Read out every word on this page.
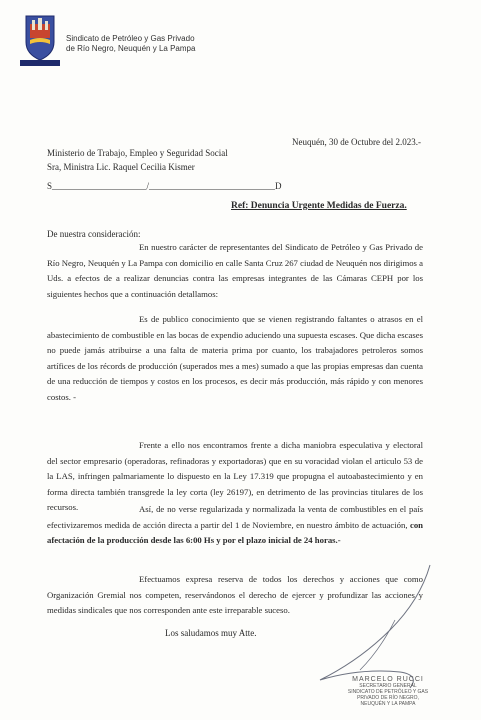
Sindicato de Petróleo y Gas Privado
de Río Negro, Neuquén y La Pampa
Neuquén, 30 de Octubre del 2.023.-
Ministerio de Trabajo, Empleo y Seguridad Social
Sra, Ministra Lic. Raquel Cecilia Kismer
S_____________________/____________________________D
Ref: Denuncia Urgente Medidas de Fuerza.
De nuestra consideración:

En nuestro carácter de representantes del Sindicato de Petróleo y Gas Privado de Río Negro, Neuquén y La Pampa con domicilio en calle Santa Cruz 267 ciudad de Neuquén nos dirigimos a Uds. a efectos de a realizar denuncias contra las empresas integrantes de las Cámaras CEPH por los siguientes hechos que a continuación detallamos:

Es de publico conocimiento que se vienen registrando faltantes o atrasos en el abastecimiento de combustible en las bocas de expendio aduciendo una supuesta escases. Que dicha escases no puede jamás atribuirse a una falta de materia prima por cuanto, los trabajadores petroleros somos artífices de los récords de producción (superados mes a mes) sumado a que las propias empresas dan cuenta de una reducción de tiempos y costos en los procesos, es decir más producción, más rápido y con menores costos. -

Frente a ello nos encontramos frente a dicha maniobra especulativa y electoral del sector empresario (operadoras, refinadoras y exportadoras) que en su voracidad violan el articulo 53 de la LAS, infringen palmariamente lo dispuesto en la Ley 17.319 que propugna el autoabastecimiento y en forma directa también transgrede la ley corta (ley 26197), en detrimento de las provincias titulares de los recursos.	Así, de no verse regularizada y normalizada la venta de combustibles en el país efectivizaremos medida de acción directa a partir del 1 de Noviembre, en nuestro ámbito de actuación, con afectación de la producción desde las 6:00 Hs y por el plazo inicial de 24 horas.-

Efectuamos expresa reserva de todos los derechos y acciones que como Organización Gremial nos competen, reservándonos el derecho de ejercer y profundizar las acciones y medidas sindicales que nos corresponden ante este irreparable suceso.

Los saludamos muy Atte.
MARCELO RUCCI
SECRETARIO GENERAL
SINDICATO DE PETRÓLEO Y GAS
PRIVADO DE RÍO NEGRO,
NEUQUÉN Y LA PAMPA
